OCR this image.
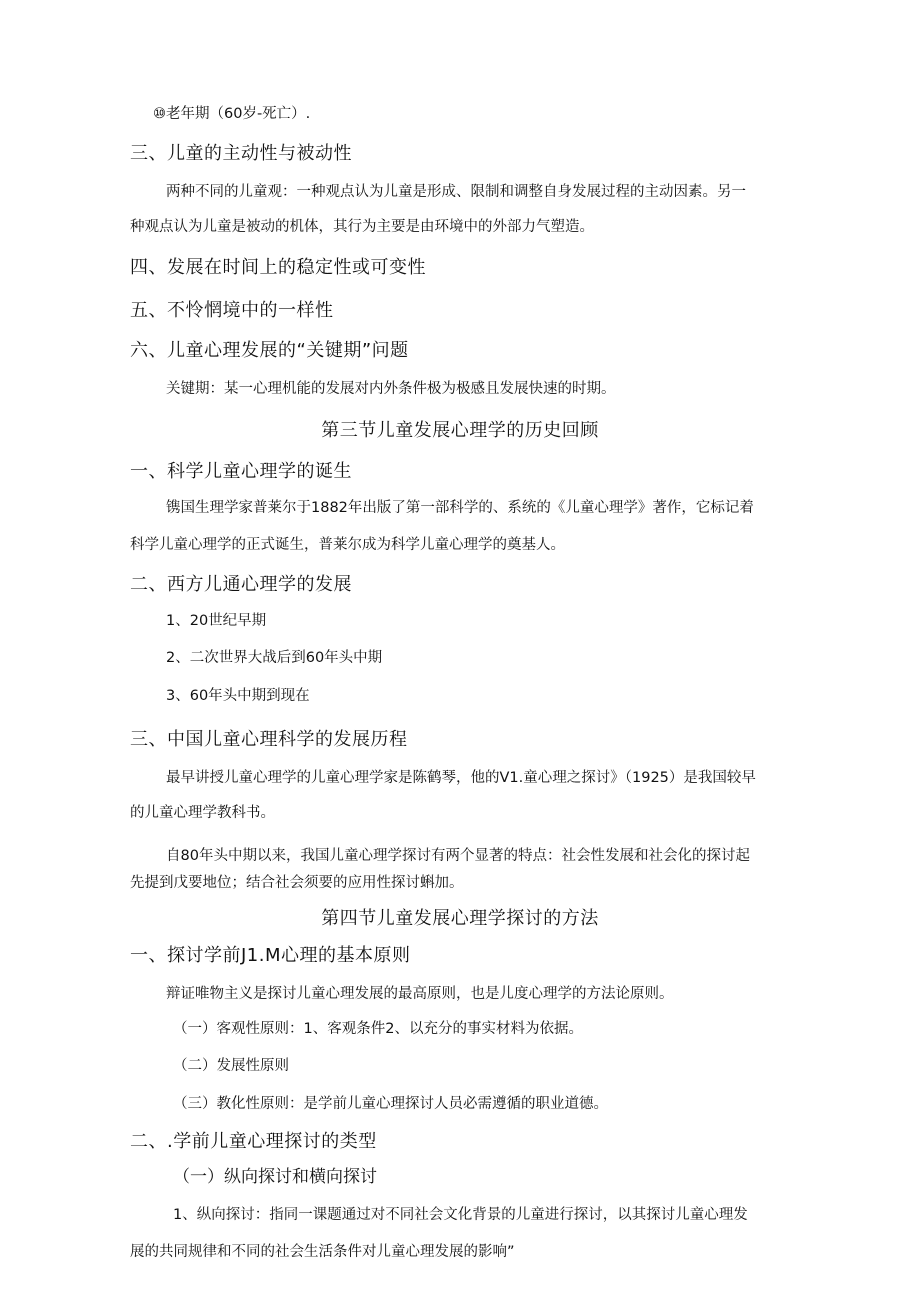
⑩老年期（60岁-死亡）.

三、儿童的主动性与被动性

两种不同的儿童观：一种观点认为儿童是形成、限制和调整自身发展过程的主动因素。另一

种观点认为儿童是被动的机体，其行为主要是由环境中的外部力气塑造。

四、发展在时间上的稳定性或可变性

五、不怜惘境中的一样性

六、儿童心理发展的“关键期”问题

关键期：某一心理机能的发展对内外条件极为极感且发展快速的时期。

第三节儿童发展心理学的历史回顾

一、科学儿童心理学的诞生

镌国生理学家普莱尔于1882年出版了第一部科学的、系统的《儿童心理学》著作，它标记着

科学儿童心理学的正式诞生，普莱尔成为科学儿童心理学的奠基人。

二、西方儿通心理学的发展

1、20世纪早期

2、二次世界大战后到60年头中期

3、60年头中期到现在

三、中国儿童心理科学的发展历程

最早讲授儿童心理学的儿童心理学家是陈鹤琴，他的V1.童心理之探讨》（1925）是我国较早

的儿童心理学教科书。

自80年头中期以来，我国儿童心理学探讨有两个显著的特点：社会性发展和社会化的探讨起

先提到戊要地位；结合社会须要的应用性探讨蝌加。

第四节儿童发展心理学探讨的方法

一、探讨学前J1.M心理的基本原则

辩证唯物主义是探讨儿童心理发展的最高原则，也是儿度心理学的方法论原则。

（一）客观性原则：1、客观条件2、以充分的事实材料为依据。

（二）发展性原则

（三）教化性原则：是学前儿童心理探讨人员必需遵循的职业道德。

二、.学前儿童心理探讨的类型

（一）纵向探讨和横向探讨

1、纵向探讨：指同一课题通过对不同社会文化背景的儿童进行探讨，以其探讨儿童心理发

展的共同规律和不同的社会生活条件对儿童心理发展的影响”
